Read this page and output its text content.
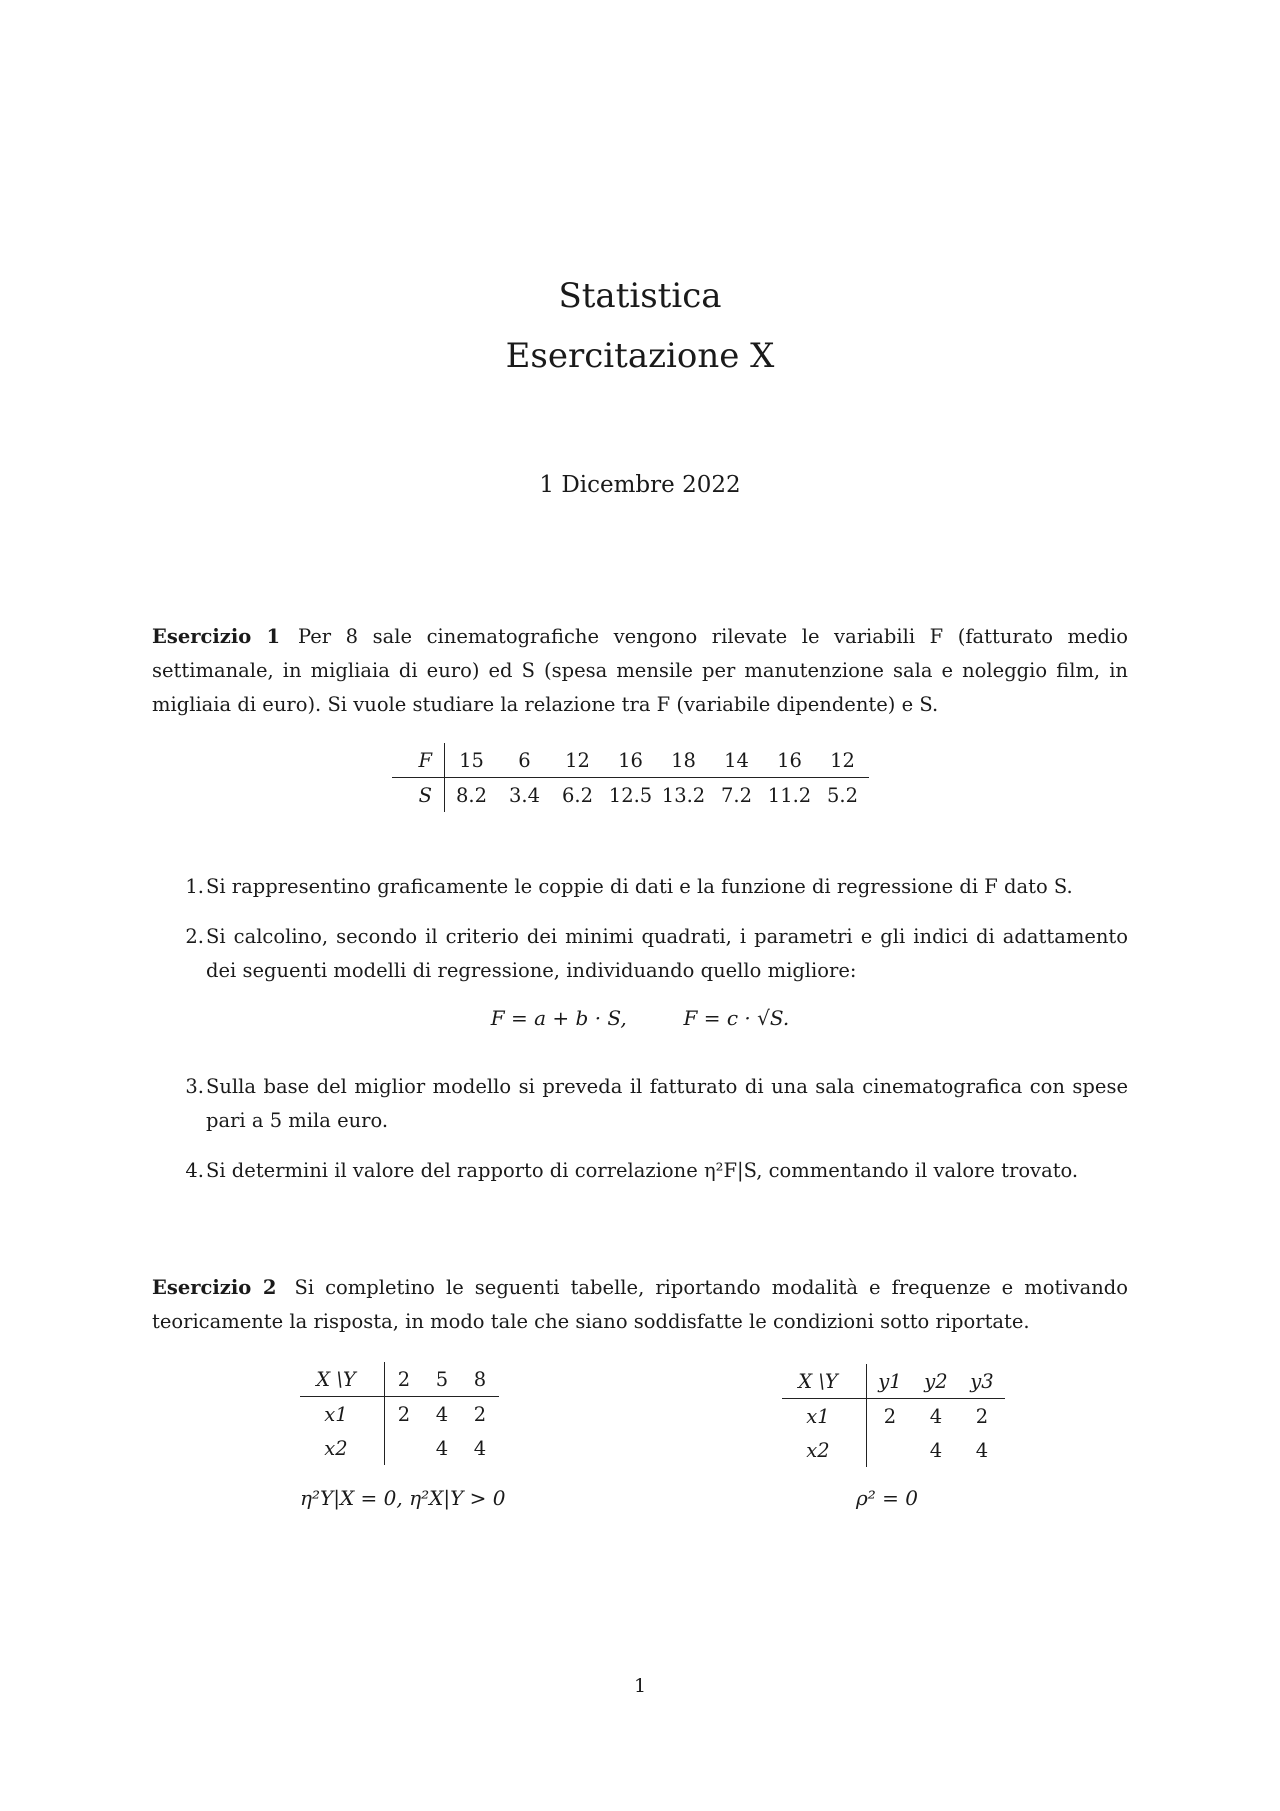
Statistica
Esercitazione X
1 Dicembre 2022
Esercizio 1 Per 8 sale cinematografiche vengono rilevate le variabili F (fatturato medio settimanale, in migliaia di euro) ed S (spesa mensile per manutenzione sala e noleggio film, in migliaia di euro). Si vuole studiare la relazione tra F (variabile dipendente) e S.
F	15	6	12	16	18	14	16	12
S	8.2	3.4	6.2	12.5	13.2	7.2	11.2	5.2
1. Si rappresentino graficamente le coppie di dati e la funzione di regressione di F dato S.
2. Si calcolino, secondo il criterio dei minimi quadrati, i parametri e gli indici di adattamento dei seguenti modelli di regressione, individuando quello migliore:
3. Sulla base del miglior modello si preveda il fatturato di una sala cinematografica con spese pari a 5 mila euro.
4. Si determini il valore del rapporto di correlazione η²F|S, commentando il valore trovato.
F = a + b · S,	F = c · √S.
Esercizio 2 Si completino le seguenti tabelle, riportando modalità e frequenze e motivando teoricamente la risposta, in modo tale che siano soddisfatte le condizioni sotto riportate.
X \Y	2	5	8
x1	2	4	2
x2		4	4
X \Y	y1	y2	y3
x1	2	4	2
x2		4	4
η²Y|X = 0, η²X|Y > 0	ρ² = 0
1
